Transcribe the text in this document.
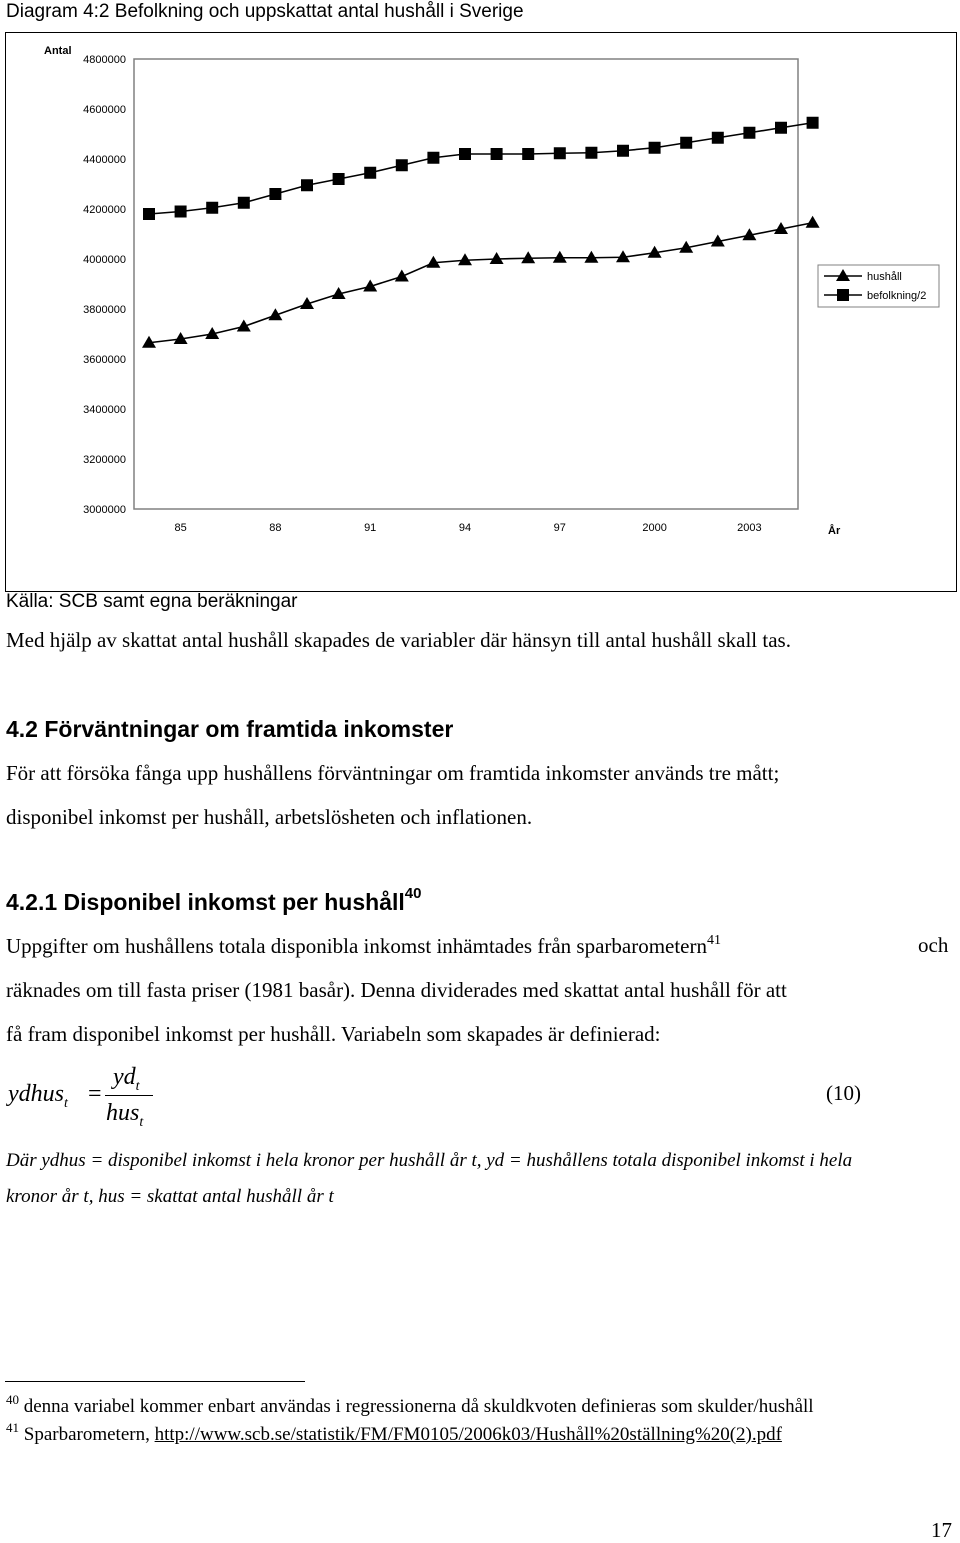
Diagram 4:2 Befolkning och uppskattat antal hushåll i Sverige
Antal
4800000
4600000
4400000
4200000
4000000
3800000
3600000
3400000
3200000
3000000
85	88	91	94	97	2000	2003	År
hushåll
befolkning/2
Källa: SCB samt egna beräkningar
Med hjälp av skattat antal hushåll skapades de variabler där hänsyn till antal hushåll skall tas.
4.2 Förväntningar om framtida inkomster
För att försöka fånga upp hushållens förväntningar om framtida inkomster används tre mått;
disponibel inkomst per hushåll, arbetslösheten och inflationen.
4.2.1 Disponibel inkomst per hushåll40
Uppgifter om hushållens totala disponibla inkomst inhämtades från sparbarometern$^{41}$	och
räknades om till fasta priser (1981 basår). Denna dividerades med skattat antal hushåll för att
få fram disponibel inkomst per hushåll. Variabeln som skapades är definierad:
ydhus$_t$ =
$yd_t$
hus$_t$
(10)
Där ydhus = disponibel inkomst i hela kronor per hushåll år t, yd = hushållens totala disponibel inkomst i hela
kronor år t, hus = skattat antal hushåll år t
$^{40}$ denna variabel kommer enbart användas i regressionerna då skuldkvoten definieras som skulder/hushåll
$^{41}$ Sparbarometern, http://www.scb.se/statistik/FM/FM0105/2006k03/Hushåll%20ställning%20(2).pdf
17
